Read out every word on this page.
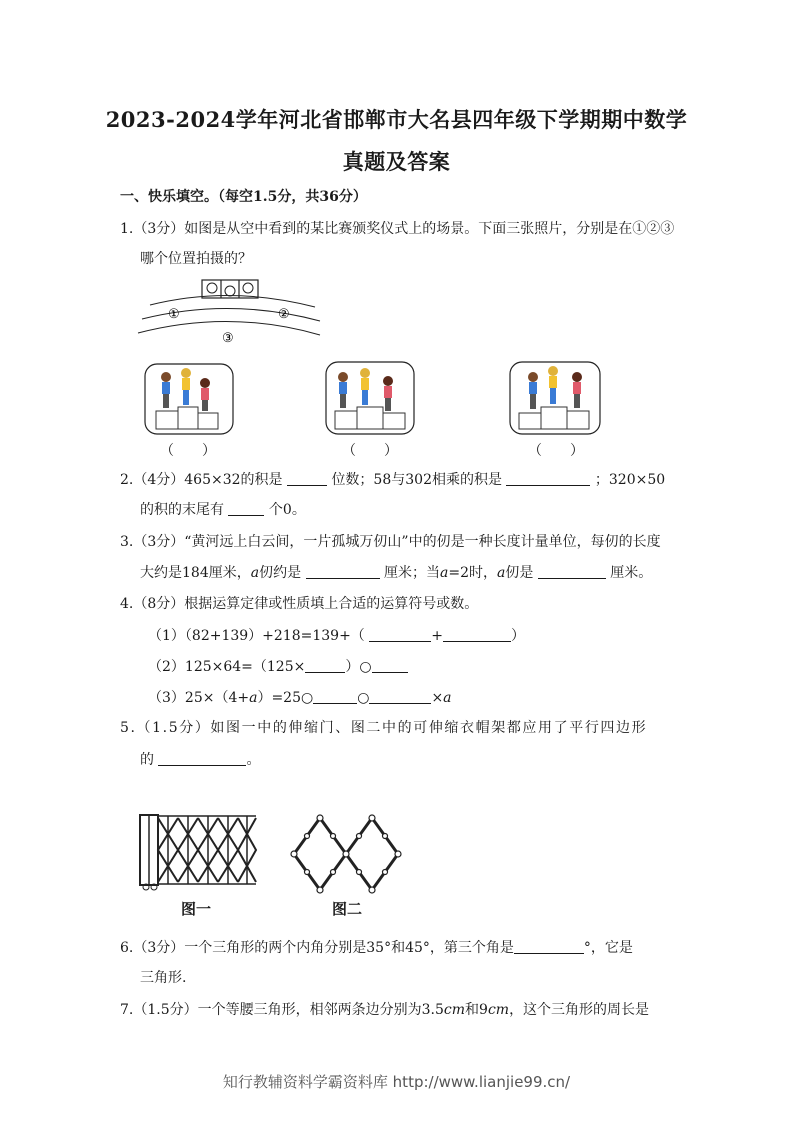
2023-2024学年河北省邯郸市大名县四年级下学期期中数学
真题及答案
一、快乐填空。（每空1.5分，共36分）
1.（3分）如图是从空中看到的某比赛颁奖仪式上的场景。下面三张照片，分别是在①②③
哪个位置拍摄的？
①	②
③
（　　）	（　　）	（　　）
2.（4分）465×32的积是	位数；58与302相乘的积是	；320×50
的积的末尾有	个0。
3.（3分）“黄河远上白云间，一片孤城万仞山”中的仞是一种长度计量单位，每仞的长度
大约是184厘米，a仞约是	厘米；当a=2时，a仞是	厘米。
4.（8分）根据运算定律或性质填上合适的运算符号或数。
（1）（82+139）+218=139+（	+	）
（2）125×64=（125×	）○
（3）25×（4+a）=25○	○	×a
5.（1.5分）如图一中的伸缩门、图二中的可伸缩衣帽架都应用了平行四边形
的	。
图一	图二
6.（3分）一个三角形的两个内角分别是35°和45°，第三个角是	°，它是
三角形.
7.（1.5分）一个等腰三角形，相邻两条边分别为3.5cm和9cm，这个三角形的周长是
知行教辅资料学霸资料库 http://www.lianjie99.cn/
